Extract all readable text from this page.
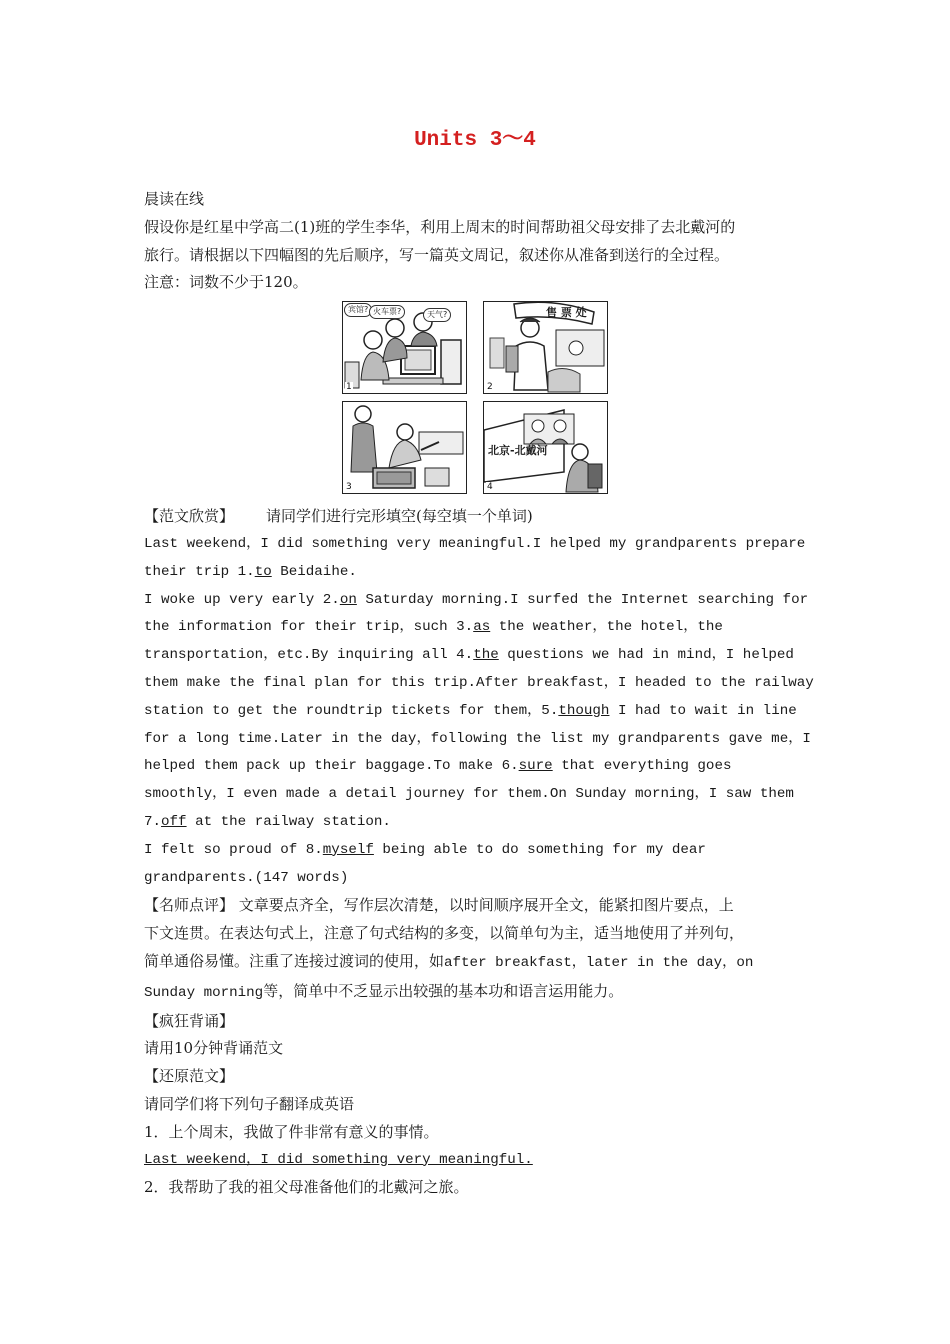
Units 3～4
晨读在线
假设你是红星中学高二(1)班的学生李华，利用上周末的时间帮助祖父母安排了去北戴河的
旅行。请根据以下四幅图的先后顺序，写一篇英文周记，叙述你从准备到送行的全过程。
注意：词数不少于120。
宾馆? 火车票?	天气?
1
售 票 处
2
3
北京-北戴河
4
【范文欣赏】 请同学们进行完形填空(每空填一个单词)
Last weekend，I did something very meaningful.I helped my grandparents prepare
their trip 1.to Beidaihe.
I woke up very early 2.on Saturday morning.I surfed the Internet searching for
the information for their trip，such 3.as the weather，the hotel，the
transportation，etc.By inquiring all 4.the questions we had in mind，I helped
them make the final plan for this trip.After breakfast，I headed to the railway
station to get the roundtrip tickets for them，5.though I had to wait in line
for a long time.Later in the day，following the list my grandparents gave me，I
helped them pack up their baggage.To make 6.sure that everything goes
smoothly，I even made a detail journey for them.On Sunday morning，I saw them
7.off at the railway station.
I felt so proud of 8.myself being able to do something for my dear
grandparents.(147 words)
【名师点评】 文章要点齐全，写作层次清楚，以时间顺序展开全文，能紧扣图片要点，上
下文连贯。在表达句式上，注意了句式结构的多变，以简单句为主，适当地使用了并列句，
简单通俗易懂。注重了连接过渡词的使用，如after breakfast，later in the day，on
Sunday morning等，简单中不乏显示出较强的基本功和语言运用能力。
【疯狂背诵】
请用10分钟背诵范文
【还原范文】
请同学们将下列句子翻译成英语
1．上个周末，我做了件非常有意义的事情。
Last weekend，I did something very meaningful.
2．我帮助了我的祖父母准备他们的北戴河之旅。
